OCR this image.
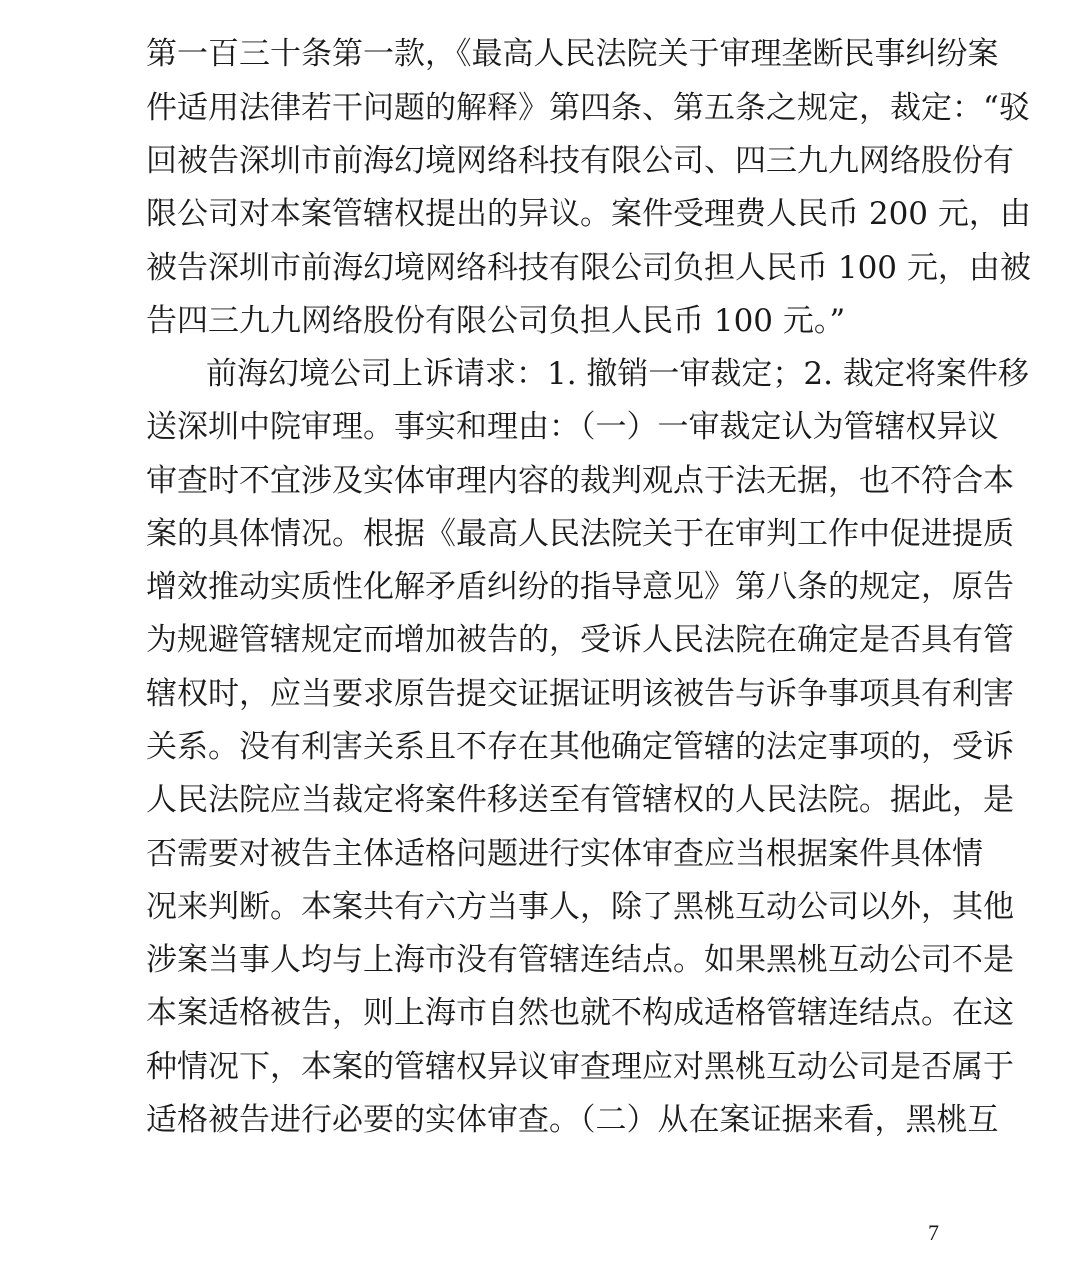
第一百三十条第一款，《最高人民法院关于审理垄断民事纠纷案
件适用法律若干问题的解释》第四条、第五条之规定，裁定：“驳
回被告深圳市前海幻境网络科技有限公司、四三九九网络股份有
限公司对本案管辖权提出的异议。案件受理费人民币 200 元，由
被告深圳市前海幻境网络科技有限公司负担人民币 100 元，由被
告四三九九网络股份有限公司负担人民币 100 元。”
前海幻境公司上诉请求：1. 撤销一审裁定；2. 裁定将案件移
送深圳中院审理。事实和理由：（一）一审裁定认为管辖权异议
审查时不宜涉及实体审理内容的裁判观点于法无据，也不符合本
案的具体情况。根据《最高人民法院关于在审判工作中促进提质
增效推动实质性化解矛盾纠纷的指导意见》第八条的规定，原告
为规避管辖规定而增加被告的，受诉人民法院在确定是否具有管
辖权时，应当要求原告提交证据证明该被告与诉争事项具有利害
关系。没有利害关系且不存在其他确定管辖的法定事项的，受诉
人民法院应当裁定将案件移送至有管辖权的人民法院。据此，是
否需要对被告主体适格问题进行实体审查应当根据案件具体情
况来判断。本案共有六方当事人，除了黑桃互动公司以外，其他
涉案当事人均与上海市没有管辖连结点。如果黑桃互动公司不是
本案适格被告，则上海市自然也就不构成适格管辖连结点。在这
种情况下，本案的管辖权异议审查理应对黑桃互动公司是否属于
适格被告进行必要的实体审查。（二）从在案证据来看，黑桃互
7
